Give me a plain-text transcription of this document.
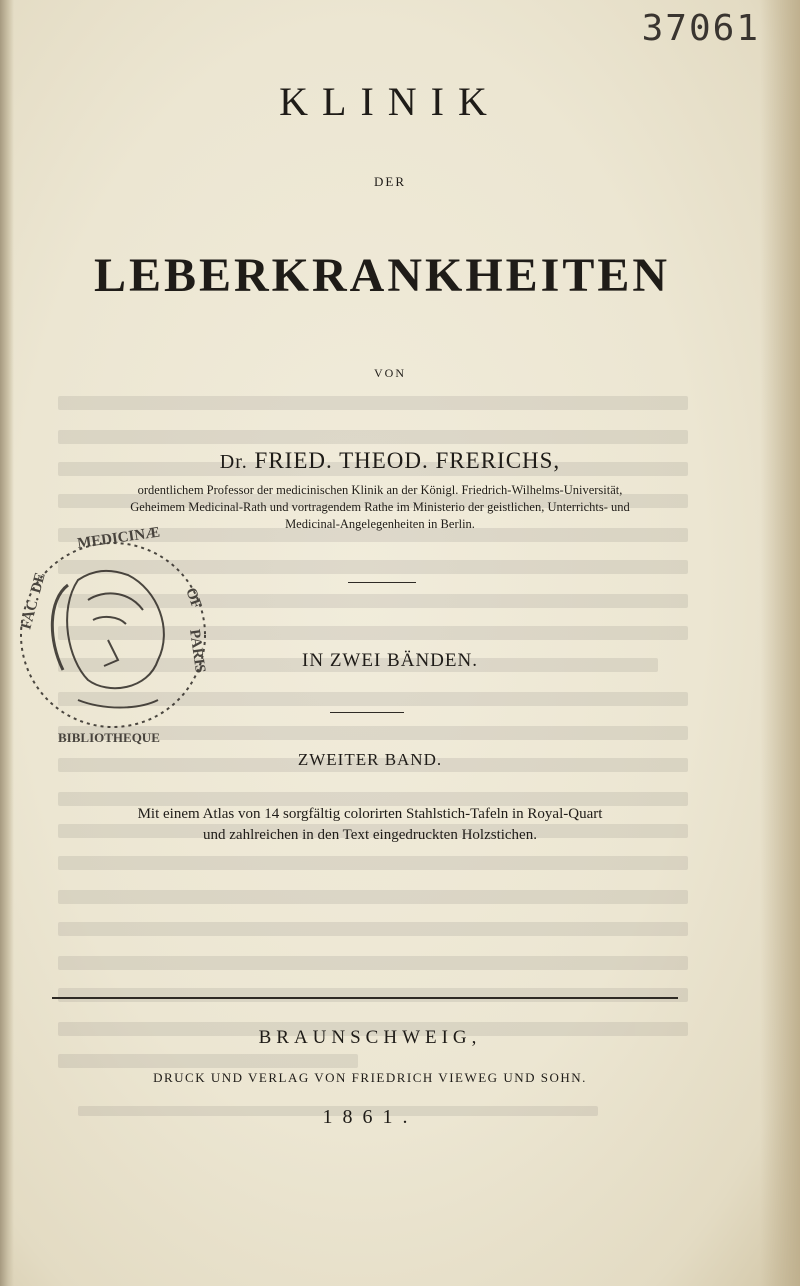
37061
KLINIK
DER
LEBERKRANKHEITEN
VON
Dr. FRIED. THEOD. FRERICHS,
ordentlichem Professor der medicinischen Klinik an der Königl. Friedrich-Wilhelms-Universität,
Geheimem Medicinal-Rath und vortragendem Rathe im Ministerio der geistlichen, Unterrichts- und
Medicinal-Angelegenheiten in Berlin.
IN ZWEI BÄNDEN.
ZWEITER BAND.
Mit einem Atlas von 14 sorgfältig colorirten Stahlstich-Tafeln in Royal-Quart
und zahlreichen in den Text eingedruckten Holzstichen.
BRAUNSCHWEIG,
DRUCK UND VERLAG VON FRIEDRICH VIEWEG UND SOHN.
1861.
MEDICINÆ
OF
PARIS
FAC. DE
BIBLIOTHEQUE
